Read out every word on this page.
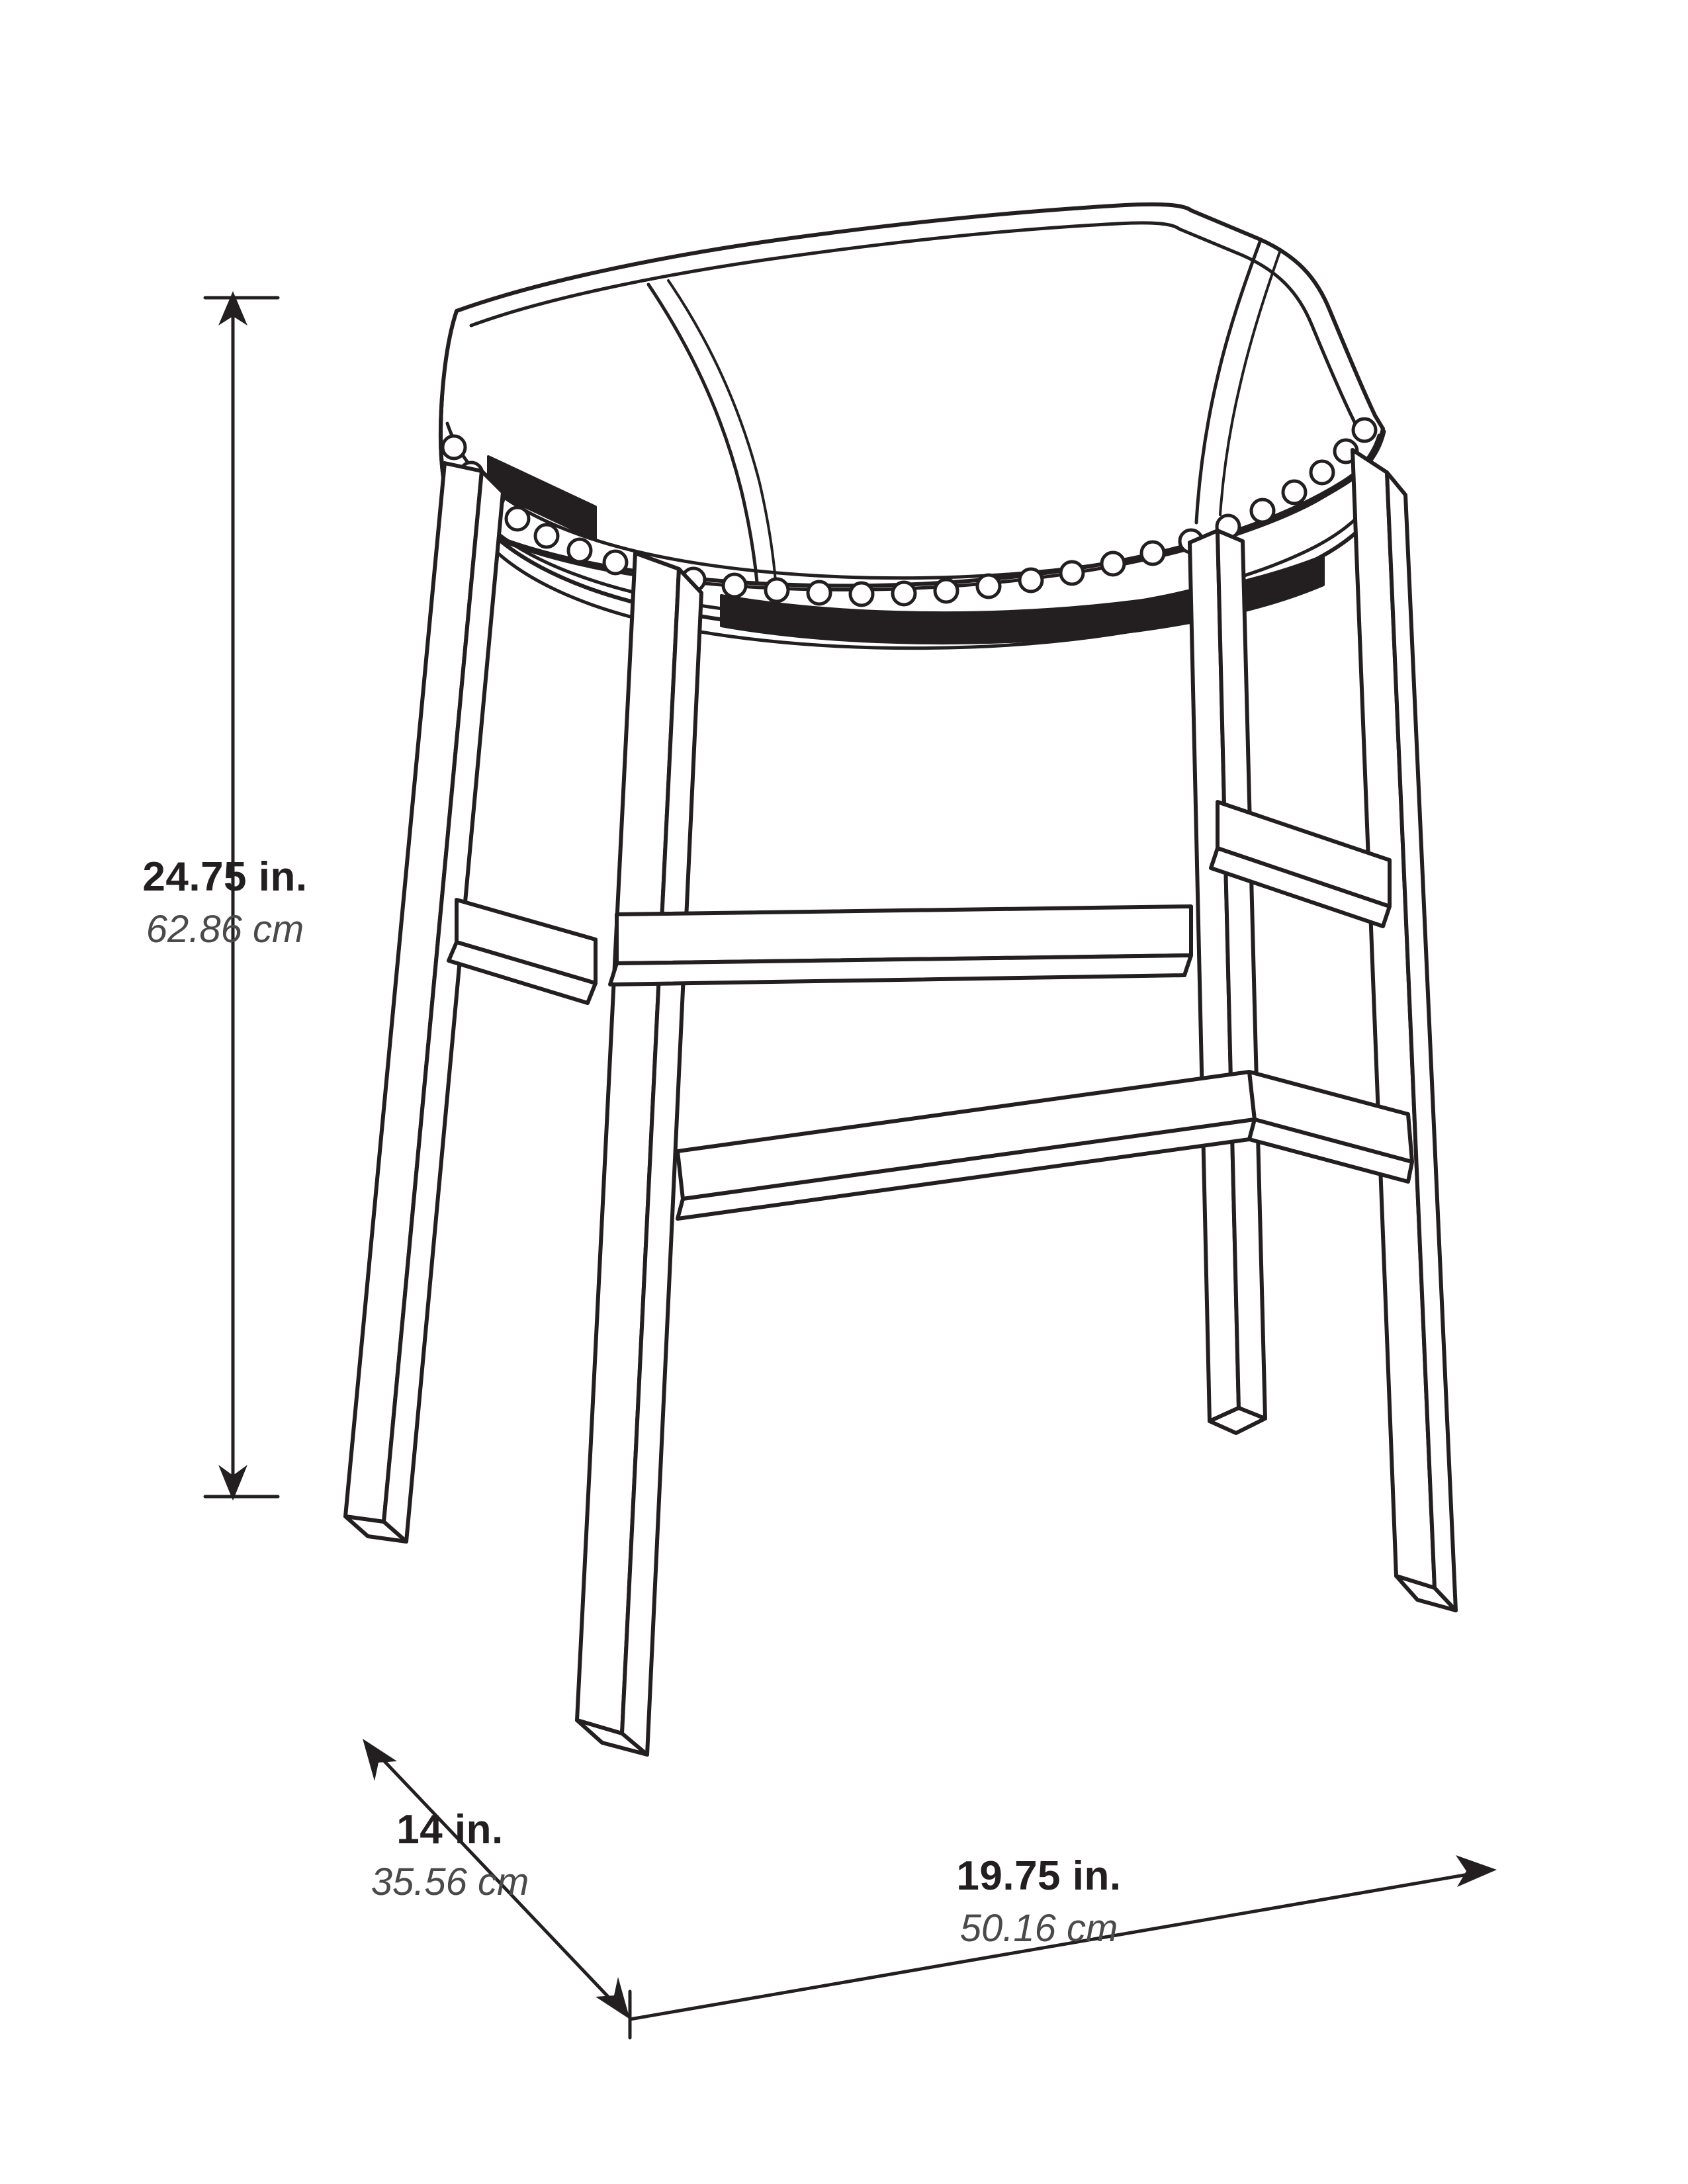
24.75 in.
62.86 cm
14 in.
35.56 cm	19.75 in.
50.16 cm
